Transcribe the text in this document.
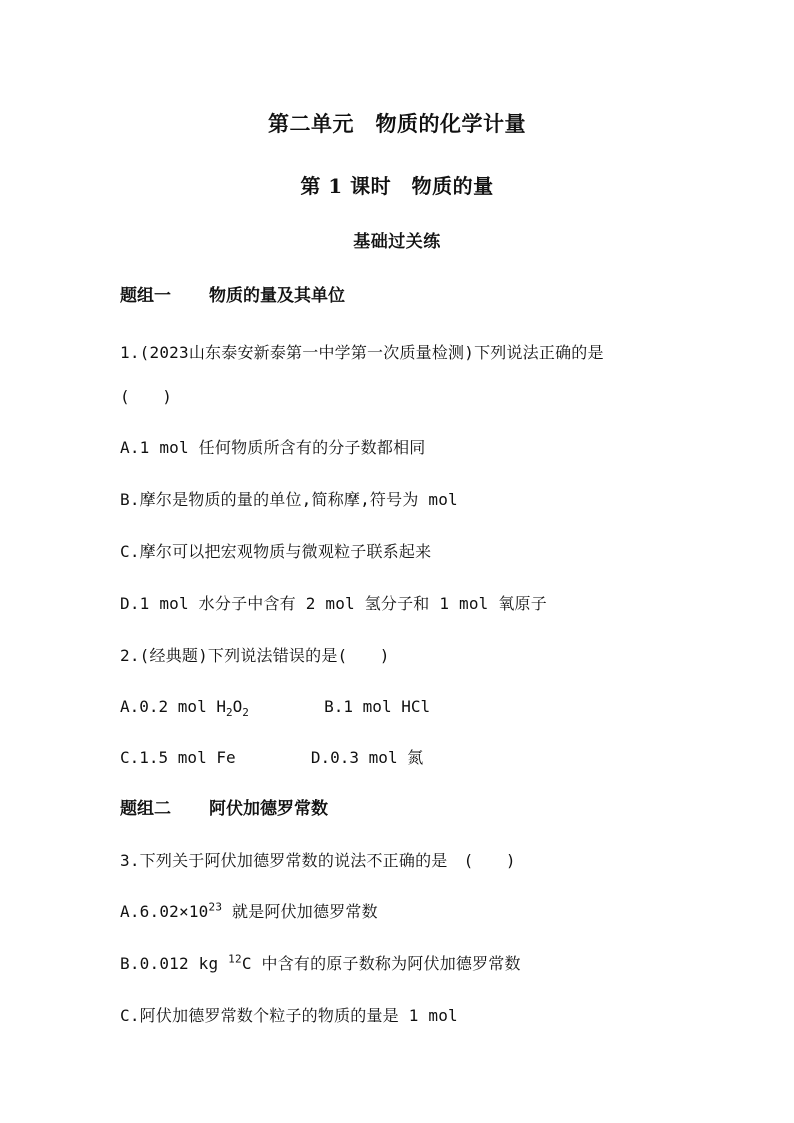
第二单元　物质的化学计量
第 1 课时　物质的量
基础过关练
题组一 物质的量及其单位
1.(2023山东泰安新泰第一中学第一次质量检测)下列说法正确的是
(　　)
A.1 mol 任何物质所含有的分子数都相同
B.摩尔是物质的量的单位,简称摩,符号为 mol
C.摩尔可以把宏观物质与微观粒子联系起来
D.1 mol 水分子中含有 2 mol 氢分子和 1 mol 氧原子
2.(经典题)下列说法错误的是(　　)
A.0.2 mol $H_2O_2$	B.1 mol HCl
C.1.5 mol Fe	D.0.3 mol 氮
题组二 阿伏加德罗常数
3.下列关于阿伏加德罗常数的说法不正确的是　(　　)
$A.6.02\times 10^{23}$ 就是阿伏加德罗常数
B.0.012 kg $^{12}$C 中含有的原子数称为阿伏加德罗常数
C.阿伏加德罗常数个粒子的物质的量是 1 mol
